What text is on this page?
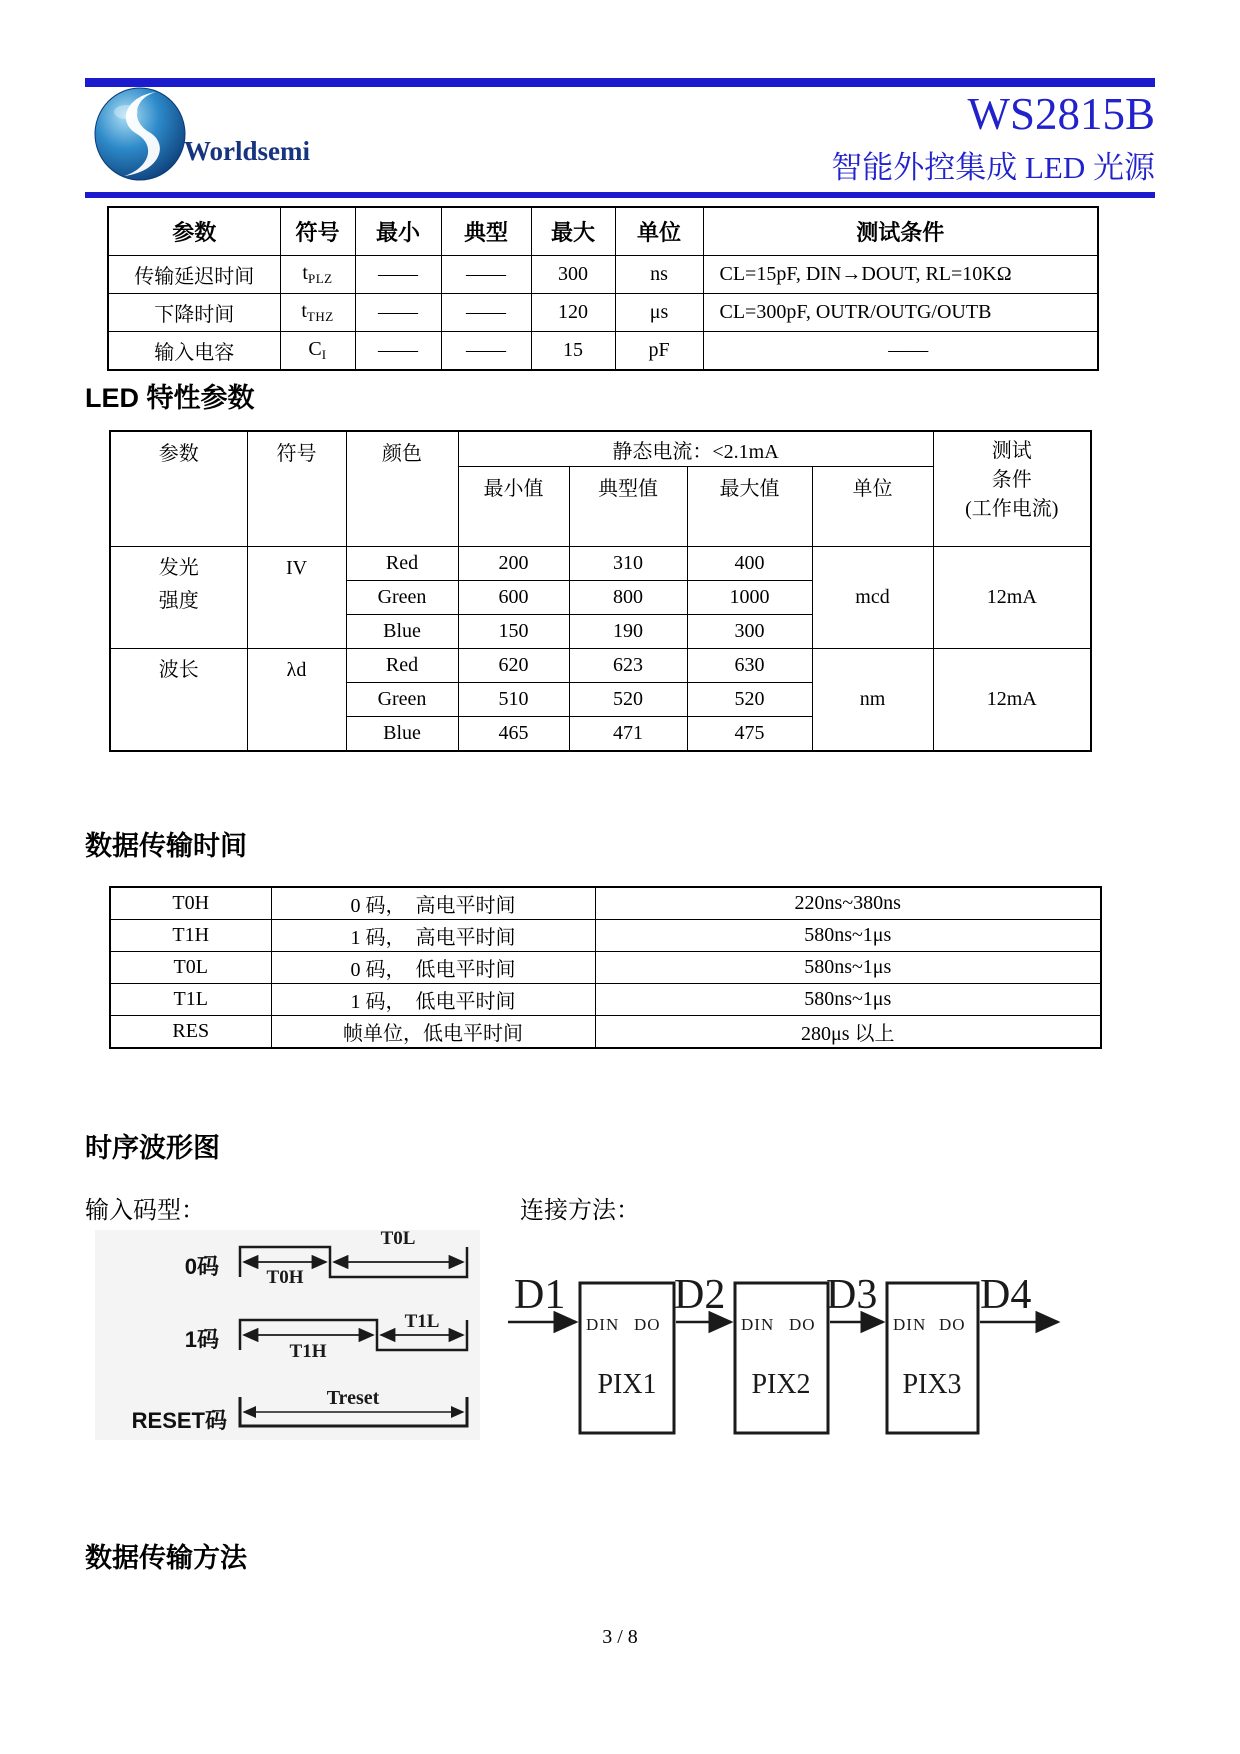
Worldsemi
WS2815B
智能外控集成 LED 光源
参数	符号	最小	典型	最大	单位	测试条件
传输延迟时间	$t_{PLZ}$	——	——	300	ns	CL=15pF, DIN→DOUT, RL=10KΩ
下降时间	$t_{THZ}$	——	——	120	μs	CL=300pF, OUTR/OUTG/OUTB
输入电容	$C_I$	——	——	15	pF	——
LED 特性参数
参数	符号	颜色	静态电流：<2.1mA				测试
条件
(工作电流)

			最小值	典型值	最大值	单位	

发光
强度	IV	Red	200	310	400	mcd	12mA
		Green	600	800	1000		
		Blue	150	190	300		
波长	λd	Red	620	623	630	nm	12mA
		Green	510	520	520		
		Blue	465	471	475		
数据传输时间
T0H	0 码，　高电平时间	220ns~380ns
T1H	1 码，　高电平时间	580ns~1μs
T0L	0 码，　低电平时间	580ns~1μs
T1L	1 码，　低电平时间	580ns~1μs
RES	帧单位，低电平时间	280μs 以上
时序波形图
输入码型：	连接方法：
0码	T0H
T0L
1码	T1H
T1L
RESET码
Treset
D1	D2 D3 D4
DIN DO	DIN DO	DIN DO
PIX1	PIX2	PIX3
数据传输方法
3 / 8
